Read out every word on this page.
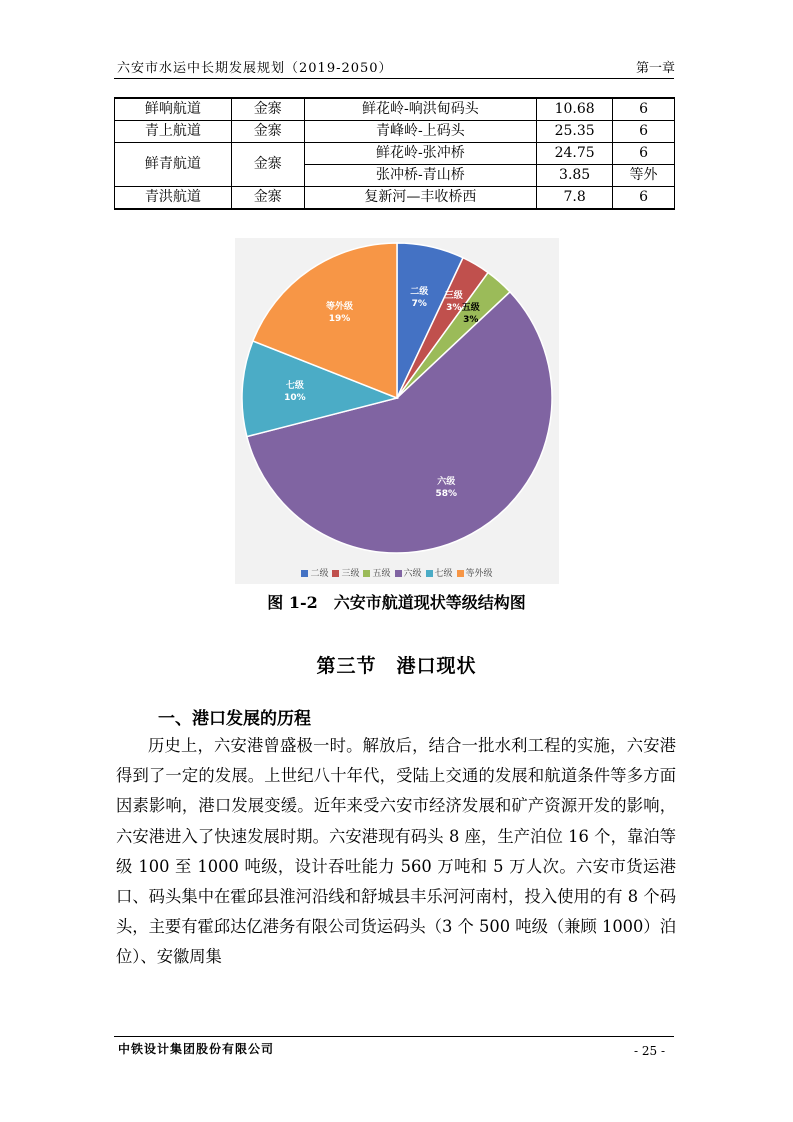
六安市水运中长期发展规划（2019-2050）	第一章
鲜响航道	金寨	鲜花岭-响洪甸码头	10.68	6
青上航道	金寨	青峰岭-上码头	25.35	6
鲜青航道	金寨	鲜花岭-张冲桥	24.75	6
		张冲桥-青山桥	3.85	等外
青洪航道	金寨	复新河—丰收桥西	7.8	6
二级
7%
三级
3% 五级
3%
六级
58%
七级
10%
等外级
19%
二级 三级 五级 六级 七级 等外级
图 1-2　六安市航道现状等级结构图
第三节　港口现状
一、港口发展的历程
历史上，六安港曾盛极一时。解放后，结合一批水利工程的实施，六安港得到了一定的发展。上世纪八十年代，受陆上交通的发展和航道条件等多方面因素影响，港口发展变缓。近年来受六安市经济发展和矿产资源开发的影响，六安港进入了快速发展时期。六安港现有码头 8 座，生产泊位 16 个，靠泊等级 100 至 1000 吨级，设计吞吐能力 560 万吨和 5 万人次。六安市货运港口、码头集中在霍邱县淮河沿线和舒城县丰乐河河南村，投入使用的有 8 个码头，主要有霍邱达亿港务有限公司货运码头（3 个 500 吨级（兼顾 1000）泊位）、安徽周集
中铁设计集团股份有限公司	- 25 -
